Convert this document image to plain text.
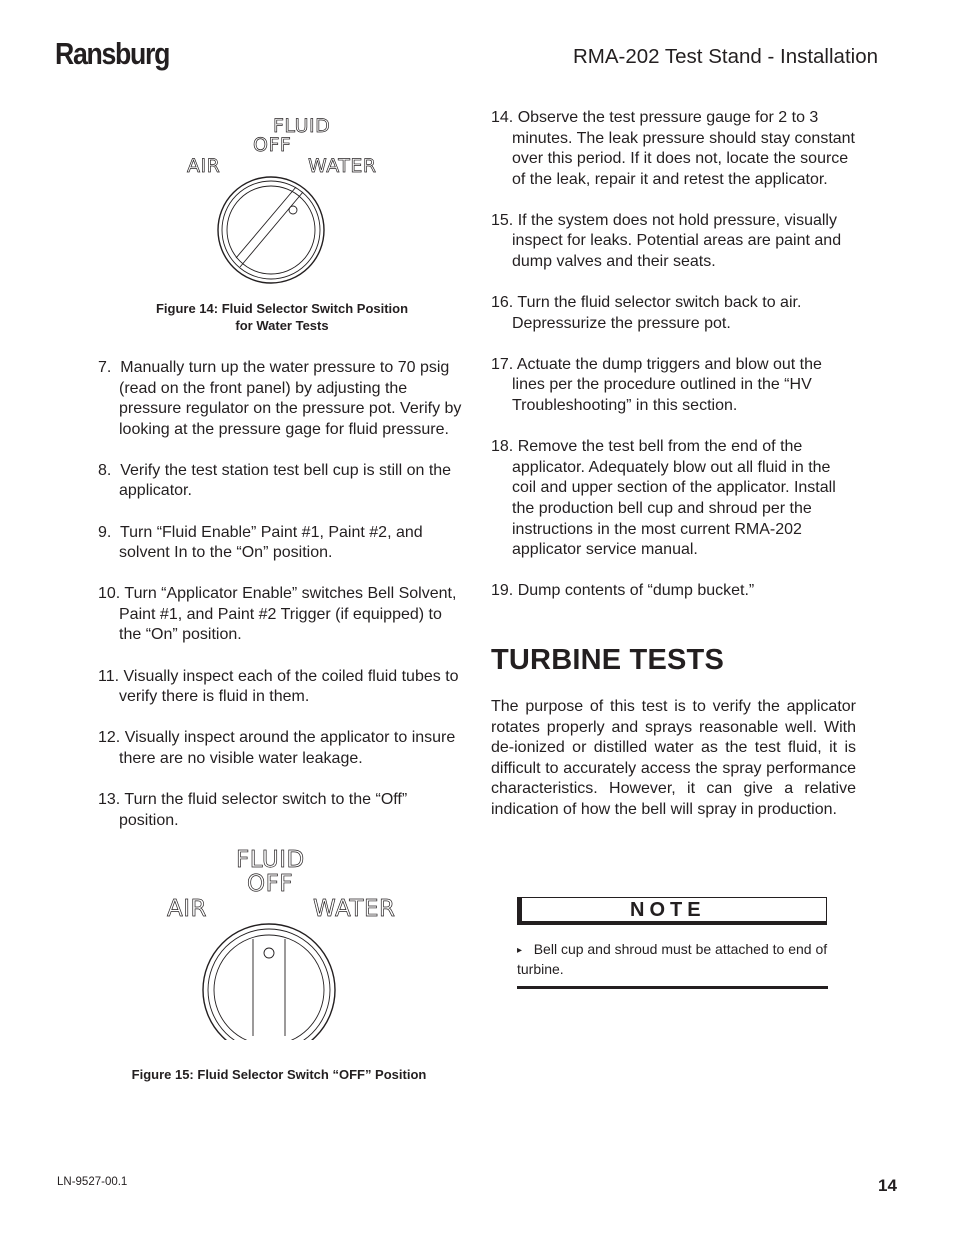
Ransburg	RMA-202 Test Stand - Installation
FLUID
OFF
AIR	WATER
Figure 14: Fluid Selector Switch Position
for Water Tests
7. Manually turn up the water pressure to 70 psig (read on the front panel) by adjusting the pressure regulator on the pressure pot. Verify by looking at the pressure gage for fluid pressure.
8. Verify the test station test bell cup is still on the applicator.
9. Turn “Fluid Enable” Paint #1, Paint #2, and solvent In to the “On” position.
10. Turn “Applicator Enable” switches Bell Solvent, Paint #1, and Paint #2 Trigger (if equipped) to the “On” position.
11. Visually inspect each of the coiled fluid tubes to verify there is fluid in them.
12. Visually inspect around the applicator to insure there are no visible water leakage.
13. Turn the fluid selector switch to the “Off” position.
FLUID
OFF
AIR	WATER
Figure 15: Fluid Selector Switch “OFF” Position
14. Observe the test pressure gauge for 2 to 3 minutes. The leak pressure should stay constant over this period. If it does not, locate the source of the leak, repair it and retest the applicator.
15. If the system does not hold pressure, visually inspect for leaks. Potential areas are paint and dump valves and their seats.
16. Turn the fluid selector switch back to air. Depressurize the pressure pot.
17. Actuate the dump triggers and blow out the lines per the procedure outlined in the “HV Troubleshooting” in this section.
18. Remove the test bell from the end of the applicator. Adequately blow out all fluid in the coil and upper section of the applicator. Install the production bell cup and shroud per the instructions in the most current RMA-202 applicator service manual.
19. Dump contents of “dump bucket.”
TURBINE TESTS
The purpose of this test is to verify the applicator rotates properly and sprays reasonable well. With de-ionized or distilled water as the test fluid, it is difficult to accurately access the spray performance characteristics. However, it can give a relative indication of how the bell will spray in production.
NOTE
▸ Bell cup and shroud must be attached to end of turbine.
LN-9527-00.1	14
